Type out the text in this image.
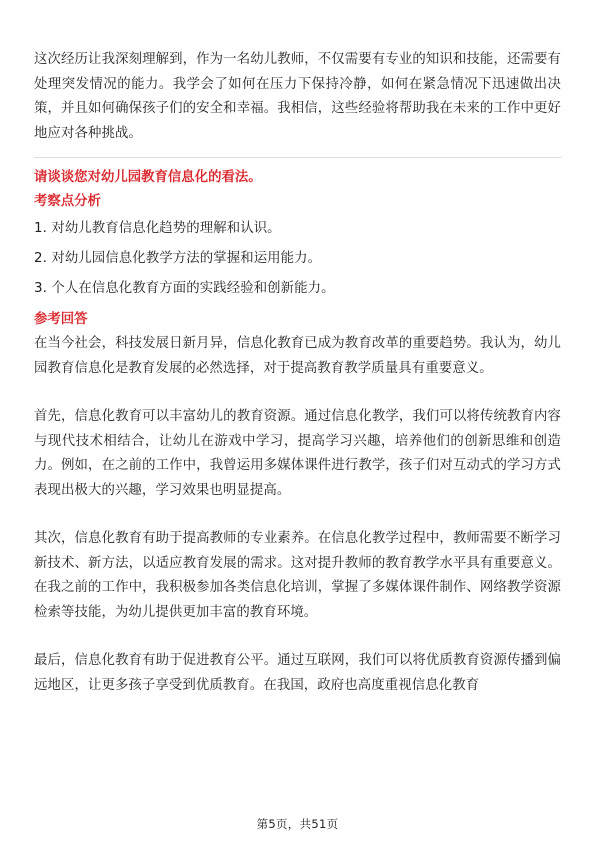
这次经历让我深刻理解到，作为一名幼儿教师，不仅需要有专业的知识和技能，还需要有处理突发情况的能力。我学会了如何在压力下保持冷静，如何在紧急情况下迅速做出决策，并且如何确保孩子们的安全和幸福。我相信，这些经验将帮助我在未来的工作中更好地应对各种挑战。

请谈谈您对幼儿园教育信息化的看法。
考察点分析

1. 对幼儿教育信息化趋势的理解和认识。

2. 对幼儿园信息化教学方法的掌握和运用能力。

3. 个人在信息化教育方面的实践经验和创新能力。

参考回答

在当今社会，科技发展日新月异，信息化教育已成为教育改革的重要趋势。我认为，幼儿园教育信息化是教育发展的必然选择，对于提高教育教学质量具有重要意义。

首先，信息化教育可以丰富幼儿的教育资源。通过信息化教学，我们可以将传统教育内容与现代技术相结合，让幼儿在游戏中学习，提高学习兴趣，培养他们的创新思维和创造力。例如，在之前的工作中，我曾运用多媒体课件进行教学，孩子们对互动式的学习方式表现出极大的兴趣，学习效果也明显提高。

其次，信息化教育有助于提高教师的专业素养。在信息化教学过程中，教师需要不断学习新技术、新方法，以适应教育发展的需求。这对提升教师的教育教学水平具有重要意义。在我之前的工作中，我积极参加各类信息化培训，掌握了多媒体课件制作、网络教学资源检索等技能，为幼儿提供更加丰富的教育环境。

最后，信息化教育有助于促进教育公平。通过互联网，我们可以将优质教育资源传播到偏远地区，让更多孩子享受到优质教育。在我国，政府也高度重视信息化教育

第5页，共51页
